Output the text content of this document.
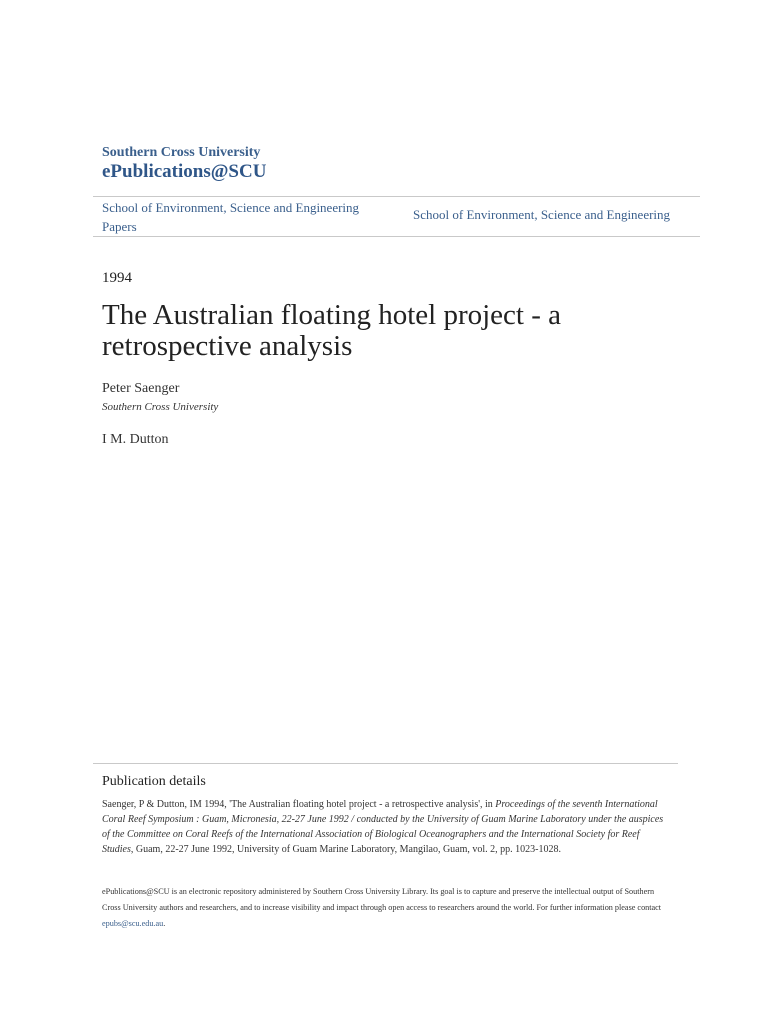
Southern Cross University
ePublications@SCU
School of Environment, Science and Engineering Papers
School of Environment, Science and Engineering
1994
The Australian floating hotel project - a retrospective analysis
Peter Saenger
Southern Cross University
I M. Dutton
Publication details
Saenger, P & Dutton, IM 1994, 'The Australian floating hotel project - a retrospective analysis', in Proceedings of the seventh International Coral Reef Symposium : Guam, Micronesia, 22-27 June 1992 / conducted by the University of Guam Marine Laboratory under the auspices of the Committee on Coral Reefs of the International Association of Biological Oceanographers and the International Society for Reef Studies, Guam, 22-27 June 1992, University of Guam Marine Laboratory, Mangilao, Guam, vol. 2, pp. 1023-1028.
ePublications@SCU is an electronic repository administered by Southern Cross University Library. Its goal is to capture and preserve the intellectual output of Southern Cross University authors and researchers, and to increase visibility and impact through open access to researchers around the world. For further information please contact epubs@scu.edu.au.
